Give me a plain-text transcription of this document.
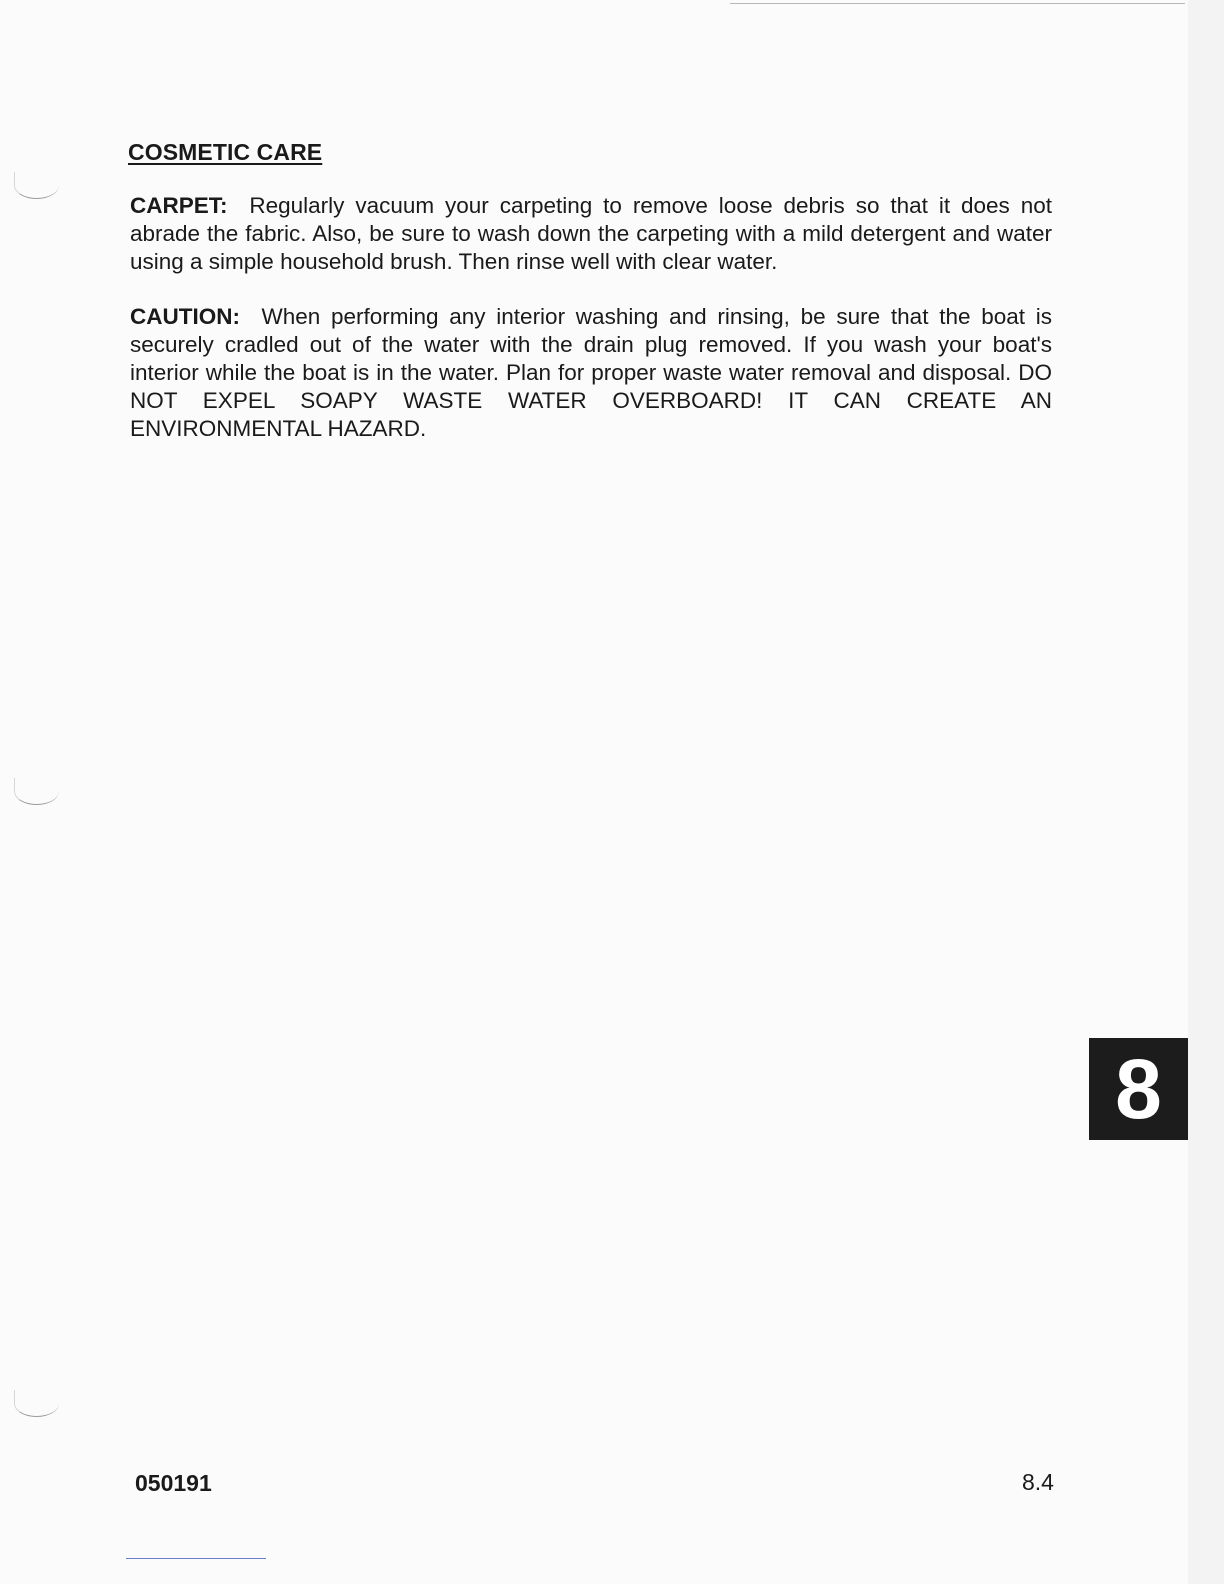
COSMETIC CARE

CARPET: Regularly vacuum your carpeting to remove loose debris so that it does not abrade the fabric. Also, be sure to wash down the carpeting with a mild detergent and water using a simple household brush. Then rinse well with clear water.

CAUTION: When performing any interior washing and rinsing, be sure that the boat is securely cradled out of the water with the drain plug removed. If you wash your boat's interior while the boat is in the water. Plan for proper waste water removal and disposal. DO NOT EXPEL SOAPY WASTE WATER OVERBOARD! IT CAN CREATE AN ENVIRONMENTAL HAZARD.

8
050191	8.4
